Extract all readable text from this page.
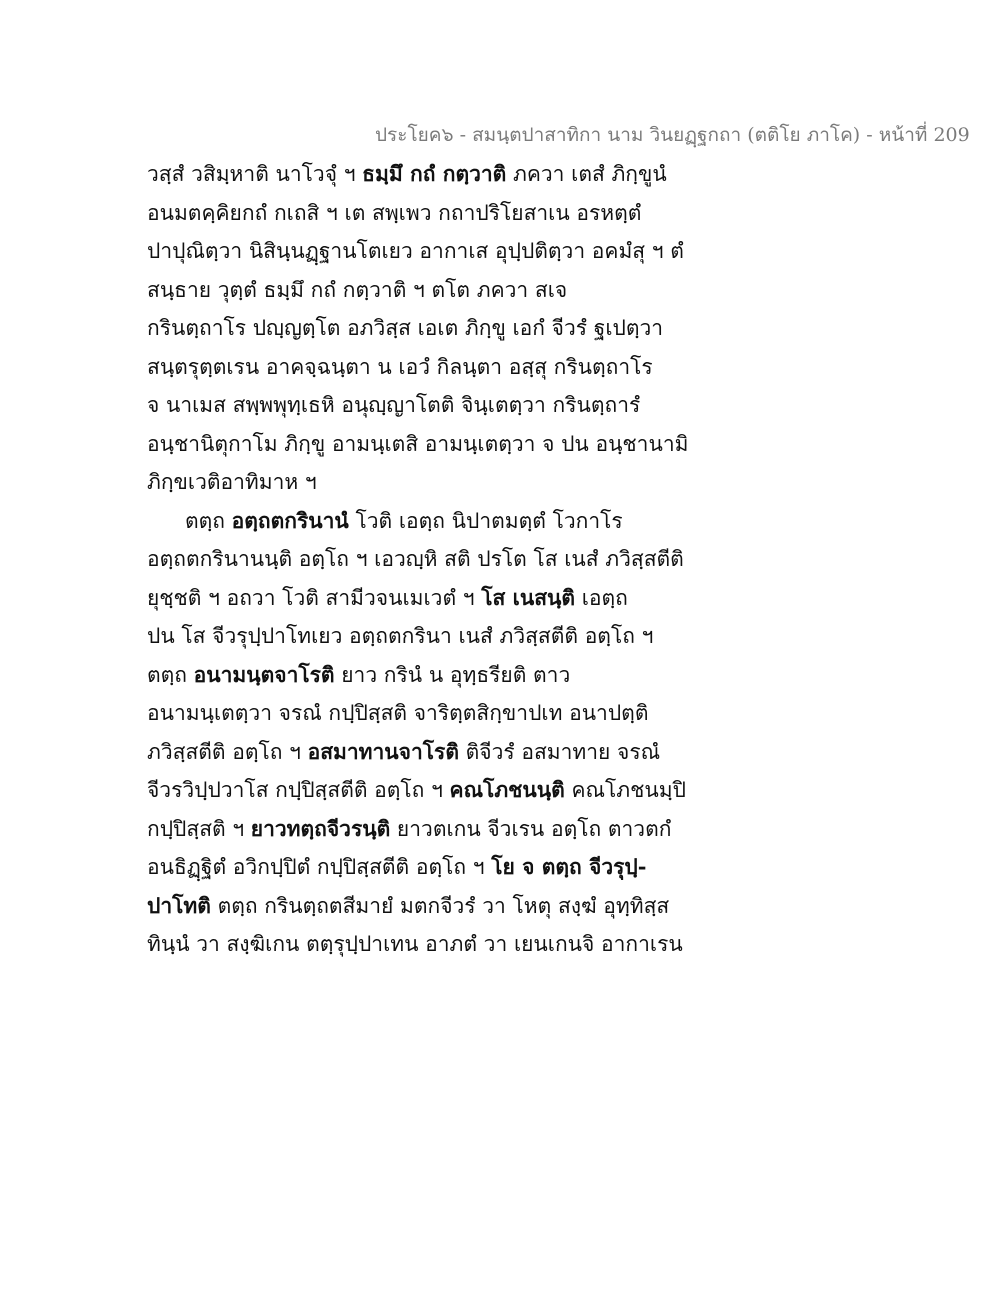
ประโยค๖ - สมนฺตปาสาทิกา นาม วินยฏฺฐกถา (ตติโย ภาโค) - หน้าที่ 209
วสฺสํ วสิมฺหาติ นาโวจุํ ฯ ธมฺมึ กถํ กตฺวาติ ภควา เตสํ ภิกฺขูนํ
อนมตคฺคิยกถํ กเถสิ ฯ เต สพฺเพว กถาปริโยสาเน อรหตฺตํ
ปาปุณิตฺวา นิสินฺนฏฺฐานโตเยว อากาเส อุปฺปติตฺวา อคมํสุ ฯ ตํ
สนฺธาย วุตฺตํ ธมฺมึ กถํ กตฺวาติ ฯ ตโต ภควา สเจ
กรินตฺถาโร ปญฺญตฺโต อภวิสฺส เอเต ภิกฺขู เอกํ จีวรํ ฐเปตฺวา
สนฺตรุตฺตเรน อาคจฺฉนฺตา น เอวํ กิลนฺตา อสฺสุ กรินตฺถาโร
จ นาเมส สพฺพพุทฺเธหิ อนุญฺญาโตติ จินฺเตตฺวา กรินตฺถารํ
อนฺชานิตุกาโม ภิกฺขู อามนฺเตสิ อามนฺเตตฺวา จ ปน อนฺชานามิ
ภิกฺขเวติอาทิมาห ฯ
ตตฺถ อตฺถตกรินานํ โวติ เอตฺถ นิปาตมตฺตํ โวกาโร
อตฺถตกรินานนฺติ อตฺโถ ฯ เอวญฺหิ สติ ปรโต โส เนสํ ภวิสฺสตีติ
ยุชฺชติ ฯ อถวา โวติ สามีวจนเมเวตํ ฯ โส เนสนฺติ เอตฺถ
ปน โส จีวรุปฺปาโทเยว อตฺถตกรินา เนสํ ภวิสฺสตีติ อตฺโถ ฯ
ตตฺถ อนามนฺตจาโรติ ยาว กรินํ น อุทฺธรียติ ตาว
อนามนฺเตตฺวา จรณํ กปฺปิสฺสติ จาริตฺตสิกฺขาปเท อนาปตฺติ
ภวิสฺสตีติ อตฺโถ ฯ อสมาทานจาโรติ ติจีวรํ อสมาทาย จรณํ
จีวรวิปฺปวาโส กปฺปิสฺสตีติ อตฺโถ ฯ คณโภชนนฺติ คณโภชนมฺปิ
กปฺปิสฺสติ ฯ ยาวทตฺถจีวรนฺติ ยาวตเกน จีวเรน อตฺโถ ตาวตกํ
อนธิฏฺฐิตํ อวิกปฺปิตํ กปฺปิสฺสตีติ อตฺโถ ฯ โย จ ตตฺถ จีวรุปฺ-
ปาโทติ ตตฺถ กรินตฺถตสีมายํ มตกจีวรํ วา โหตุ สงฺฆํ อุทฺทิสฺส
ทินฺนํ วา สงฺฆิเกน ตตฺรุปฺปาเทน อาภตํ วา เยนเกนจิ อากาเรน
